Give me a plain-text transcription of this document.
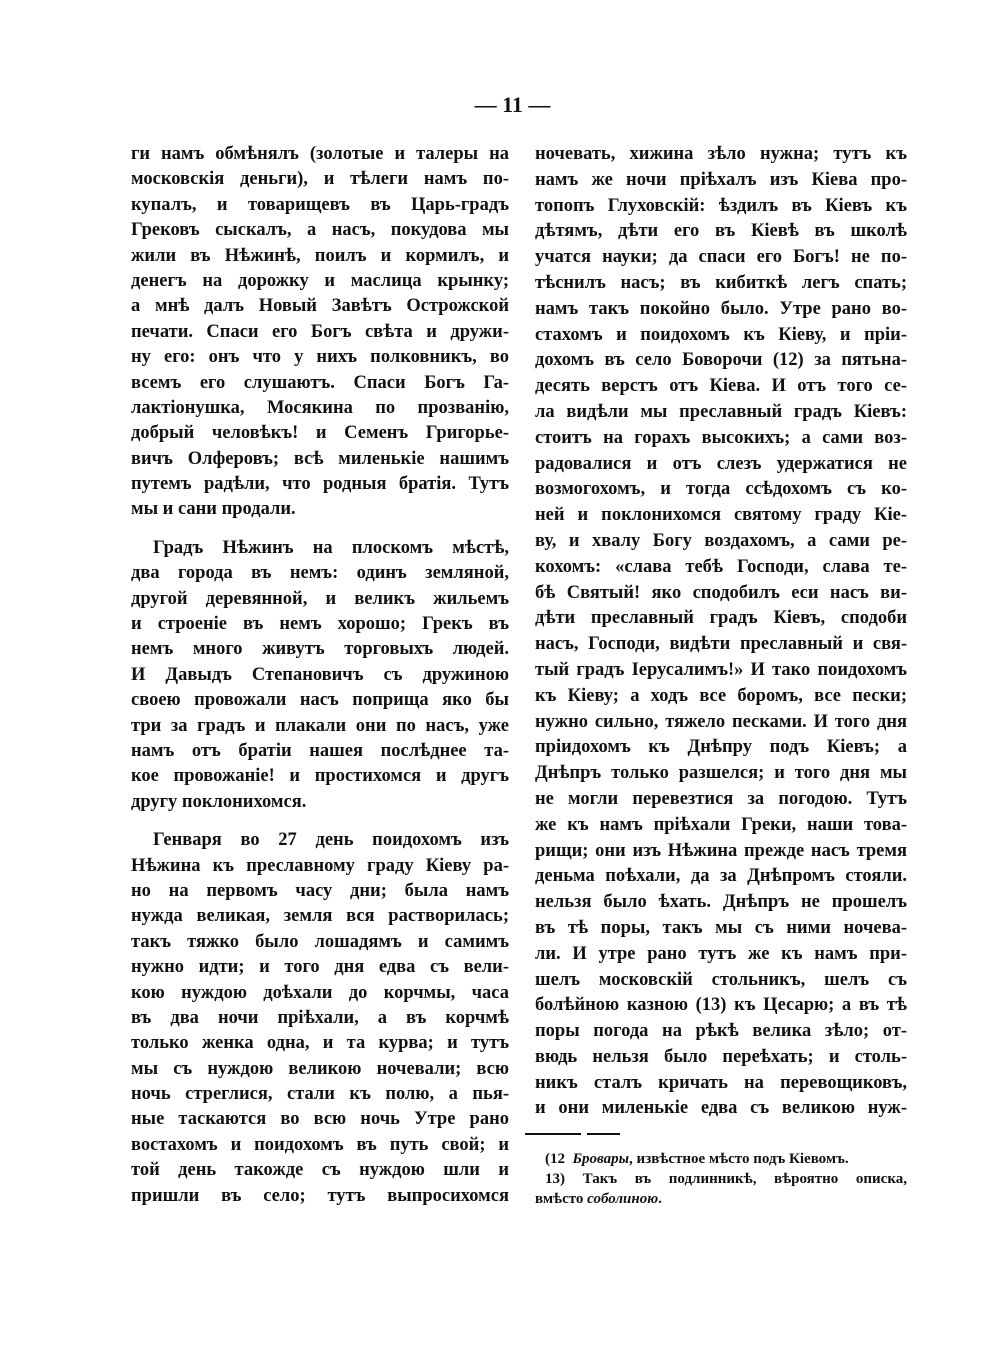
— 11 —
ги намъ обмѣнялъ (золотые и талеры на
московскія деньги), и тѣлеги намъ по-
купалъ, и товарищевъ въ Царь-градъ
Грековъ сыскалъ, а насъ, покудова мы
жили въ Нѣжинѣ, поилъ и кормилъ, и
денегъ на дорожку и маслица крынку;
а мнѣ далъ Новый Завѣтъ Острожской
печати. Спаси его Богъ свѣта и дружи-
ну его: онъ что у нихъ полковникъ, во
всемъ его слушаютъ. Спаси Богъ Га-
лактіонушка, Мосякина по прозванію,
добрый человѣкъ! и Семенъ Григорье-
вичъ Олферовъ; всѣ миленькіе нашимъ
путемъ радѣли, что родныя братія. Тутъ
мы и сани продали.
Градъ Нѣжинъ на плоскомъ мѣстѣ,
два города въ немъ: одинъ земляной,
другой деревянной, и великъ жильемъ
и строеніе въ немъ хорошо; Грекъ въ
немъ много живутъ торговыхъ людей.
И Давыдъ Степановичъ съ дружиною
своею провожали насъ поприща яко бы
три за градъ и плакали они по насъ, уже
намъ отъ братіи нашея послѣднее та-
кое провожаніе! и простихомся и другъ
другу поклонихомся.
Генваря во 27 день поидохомъ изъ
Нѣжина къ преславному граду Кіеву ра-
но на первомъ часу дни; была намъ
нужда великая, земля вся растворилась;
такъ тяжко было лошадямъ и самимъ
нужно идти; и того дня едва съ вели-
кою нуждою доѣхали до корчмы, часа
въ два ночи пріѣхали, а въ корчмѣ
только женка одна, и та курва; и тутъ
мы съ нуждою великою ночевали; всю
ночь стреглися, стали къ полю, а пья-
ные таскаются во всю ночь Утре рано
востахомъ и поидохомъ въ путь свой; и
той день такожде съ нуждою шли и
пришли въ село; тутъ выпросихомся
ночевать, хижина зѣло нужна; тутъ къ
намъ же ночи пріѣхалъ изъ Кіева про-
топопъ Глуховскій: ѣздилъ въ Кіевъ къ
дѣтямъ, дѣти его въ Кіевѣ въ школѣ
учатся науки; да спаси его Богъ! не по-
тѣснилъ насъ; въ кибиткѣ легъ спать;
намъ такъ покойно было. Утре рано во-
стахомъ и поидохомъ къ Кіеву, и пріи-
дохомъ въ село Боворочи (12) за пятьна-
десять верстъ отъ Кіева. И отъ того се-
ла видѣли мы преславный градъ Кіевъ:
стоитъ на горахъ высокихъ; а сами воз-
радовалися и отъ слезъ удержатися не
возмогохомъ, и тогда ссѣдохомъ съ ко-
ней и поклонихомся святому граду Кіе-
ву, и хвалу Богу воздахомъ, а сами ре-
кохомъ: «слава тебѣ Господи, слава те-
бѣ Святый! яко сподобилъ еси насъ ви-
дѣти преславный градъ Кіевъ, сподоби
насъ, Господи, видѣти преславный и свя-
тый градъ Іерусалимъ!» И тако поидохомъ
къ Кіеву; а ходъ все боромъ, все пески;
нужно сильно, тяжело песками. И того дня
пріидохомъ къ Днѣпру подъ Кіевъ; а
Днѣпръ только разшелся; и того дня мы
не могли перевезтися за погодою. Тутъ
же къ намъ пріѣхали Греки, наши това-
рищи; они изъ Нѣжина прежде насъ тремя
деньма поѣхали, да за Днѣпромъ стояли.
нельзя было ѣхать. Днѣпръ не прошелъ
въ тѣ поры, такъ мы съ ними ночева-
ли. И утре рано тутъ же къ намъ при-
шелъ московскій стольникъ, шелъ съ
болѣйною казною (13) къ Цесарю; а въ тѣ
поры погода на рѣкѣ велика зѣло; от-
вюдь нельзя было переѣхать; и столь-
никъ сталъ кричать на перевощиковъ,
и они миленькіе едва съ великою нуж-
(12 Бровары, извѣстное мѣсто подъ Кіевомъ.
13) Такъ въ подлинникѣ, вѣроятно описка,
вмѣсто соболиною.
